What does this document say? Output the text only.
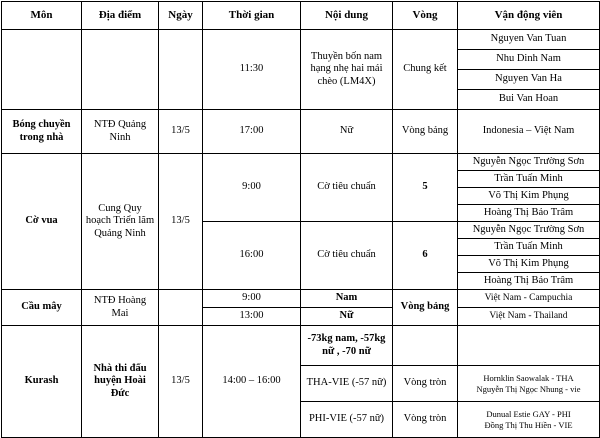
Môn	Địa điểm	Ngày	Thời gian	Nội dung	Vòng	Vận động viên
			11:30	Thuyền bốn nam hạng nhẹ hai mái chèo (LM4X)	Chung kết	Nguyen Van Tuan
						Nhu Dinh Nam
						Nguyen Van Ha
						Bui Van Hoan
Bóng chuyền trong nhà	NTĐ Quảng Ninh	13/5	17:00	Nữ	Vòng bảng	Indonesia – Việt Nam
Cờ vua	Cung Quy hoạch Triển lãm Quảng Ninh	13/5	9:00	Cờ tiêu chuẩn	5	Nguyễn Ngọc Trường Sơn
						Trần Tuấn Minh
						Võ Thị Kim Phụng
						Hoàng Thị Bảo Trâm
			16:00	Cờ tiêu chuẩn	6	Nguyễn Ngọc Trường Sơn
						Trần Tuấn Minh
						Võ Thị Kim Phụng
						Hoàng Thị Bảo Trâm
Cầu mây	NTĐ Hoàng Mai		9:00	Nam	Vòng bảng	Việt Nam - Campuchia
			13:00	Nữ		Việt Nam - Thailand
Kurash	Nhà thi đấu huyện Hoài Đức	13/5	14:00 – 16:00	-73kg nam, -57kg nữ , -70 nữ		
				THA-VIE (-57 nữ)	Vòng tròn	Hornklin Saowalak - THA
Nguyễn Thị Ngọc Nhung - vie

				PHI-VIE (-57 nữ)	Vòng tròn	Dunual Estie GAY - PHI
Đồng Thị Thu Hiền - VIE
